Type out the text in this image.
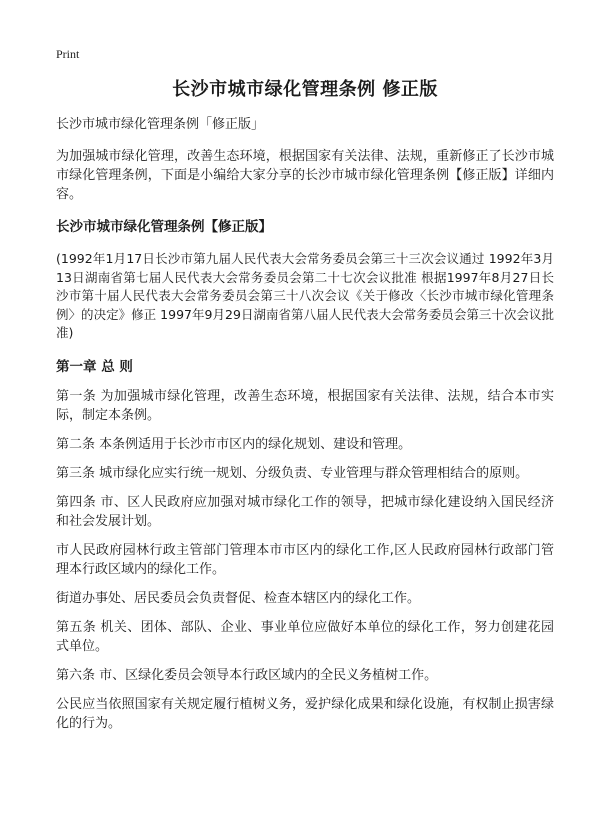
Print
长沙市城市绿化管理条例 修正版

长沙市城市绿化管理条例「修正版」

为加强城市绿化管理，改善生态环境，根据国家有关法律、法规，重新修正了长沙市城市绿化管理条例，下面是小编给大家分享的长沙市城市绿化管理条例【修正版】详细内容。

长沙市城市绿化管理条例【修正版】

(1992年1月17日长沙市第九届人民代表大会常务委员会第三十三次会议通过 1992年3月13日湖南省第七届人民代表大会常务委员会第二十七次会议批准 根据1997年8月27日长沙市第十届人民代表大会常务委员会第三十八次会议《关于修改〈长沙市城市绿化管理条例〉的决定》修正 1997年9月29日湖南省第八届人民代表大会常务委员会第三十次会议批准)

第一章 总 则

第一条 为加强城市绿化管理，改善生态环境，根据国家有关法律、法规，结合本市实际，制定本条例。

第二条 本条例适用于长沙市市区内的绿化规划、建设和管理。

第三条 城市绿化应实行统一规划、分级负责、专业管理与群众管理相结合的原则。

第四条 市、区人民政府应加强对城市绿化工作的领导，把城市绿化建设纳入国民经济和社会发展计划。

市人民政府园林行政主管部门管理本市市区内的绿化工作,区人民政府园林行政部门管理本行政区域内的绿化工作。

街道办事处、居民委员会负责督促、检查本辖区内的绿化工作。

第五条 机关、团体、部队、企业、事业单位应做好本单位的绿化工作，努力创建花园式单位。

第六条 市、区绿化委员会领导本行政区域内的全民义务植树工作。

公民应当依照国家有关规定履行植树义务，爱护绿化成果和绿化设施，有权制止损害绿化的行为。
